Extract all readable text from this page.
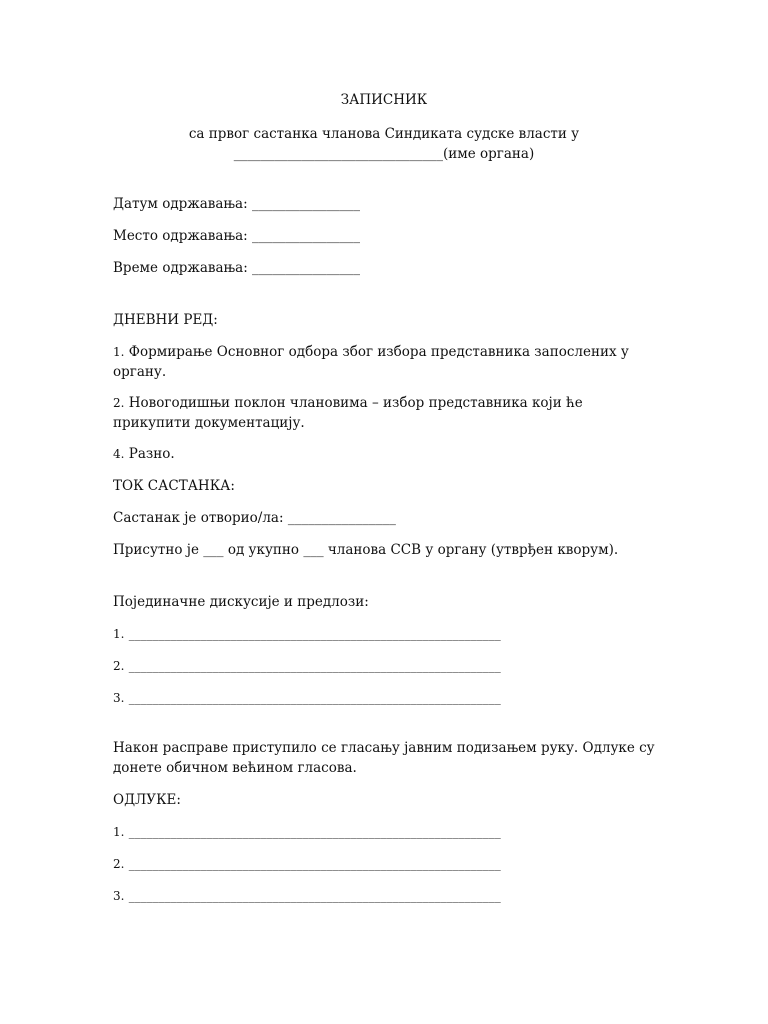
ЗАПИСНИК
са првог састанка чланова Синдиката судске власти у
_______________________________(име органа)
Датум одржавања: ________________
Место одржавања: ________________
Време одржавања: ________________
ДНЕВНИ РЕД:
1. Формирање Основног одбора због избора представника запослених у органу.
2. Новогодишњи поклон члановима – избор представника који ће прикупити документацију.
4. Разно.
ТОК САСТАНКА:
Састанак је отворио/ла: ________________
Присутно је ___ од укупно ___ чланова ССВ у органу (утврђен кворум).
Појединачне дискусије и предлози:
1. ______________________________________________________________
2. ______________________________________________________________
3. ______________________________________________________________
Након расправе приступило се гласању јавним подизањем руку. Одлуке су донете обичном већином гласова.
ОДЛУКЕ:
1. ______________________________________________________________
2. ______________________________________________________________
3. ______________________________________________________________
